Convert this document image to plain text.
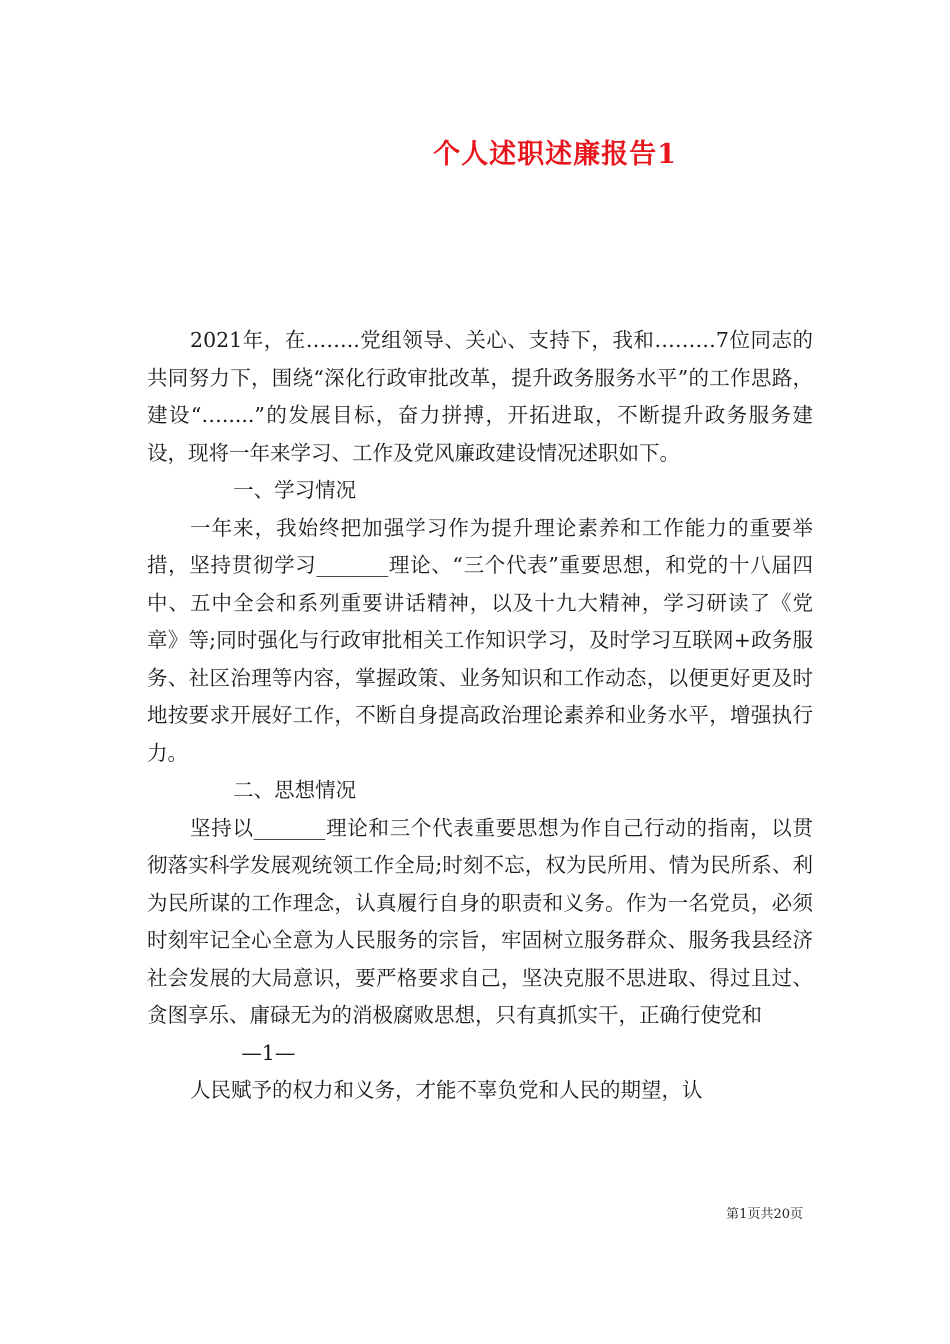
个人述职述廉报告1

2021年，在……..党组领导、关心、支持下，我和………7位同志的共同努力下，围绕“深化行政审批改革，提升政务服务水平”的工作思路，建设“….....”的发展目标，奋力拼搏，开拓进取，不断提升政务服务建设，现将一年来学习、工作及党风廉政建设情况述职如下。

一、学习情况

一年来，我始终把加强学习作为提升理论素养和工作能力的重要举措，坚持贯彻学习_______理论、“三个代表”重要思想，和党的十八届四中、五中全会和系列重要讲话精神，以及十九大精神，学习研读了《党章》等;同时强化与行政审批相关工作知识学习，及时学习互联网+政务服务、社区治理等内容，掌握政策、业务知识和工作动态，以便更好更及时地按要求开展好工作，不断自身提高政治理论素养和业务水平，增强执行力。

二、思想情况

坚持以_______理论和三个代表重要思想为作自己行动的指南，以贯彻落实科学发展观统领工作全局;时刻不忘，权为民所用、情为民所系、利为民所谋的工作理念，认真履行自身的职责和义务。作为一名党员，必须时刻牢记全心全意为人民服务的宗旨，牢固树立服务群众、服务我县经济社会发展的大局意识，要严格要求自己，坚决克服不思进取、得过且过、贪图享乐、庸碌无为的消极腐败思想，只有真抓实干，正确行使党和

—1—

人民赋予的权力和义务，才能不辜负党和人民的期望，认

第1页共20页
